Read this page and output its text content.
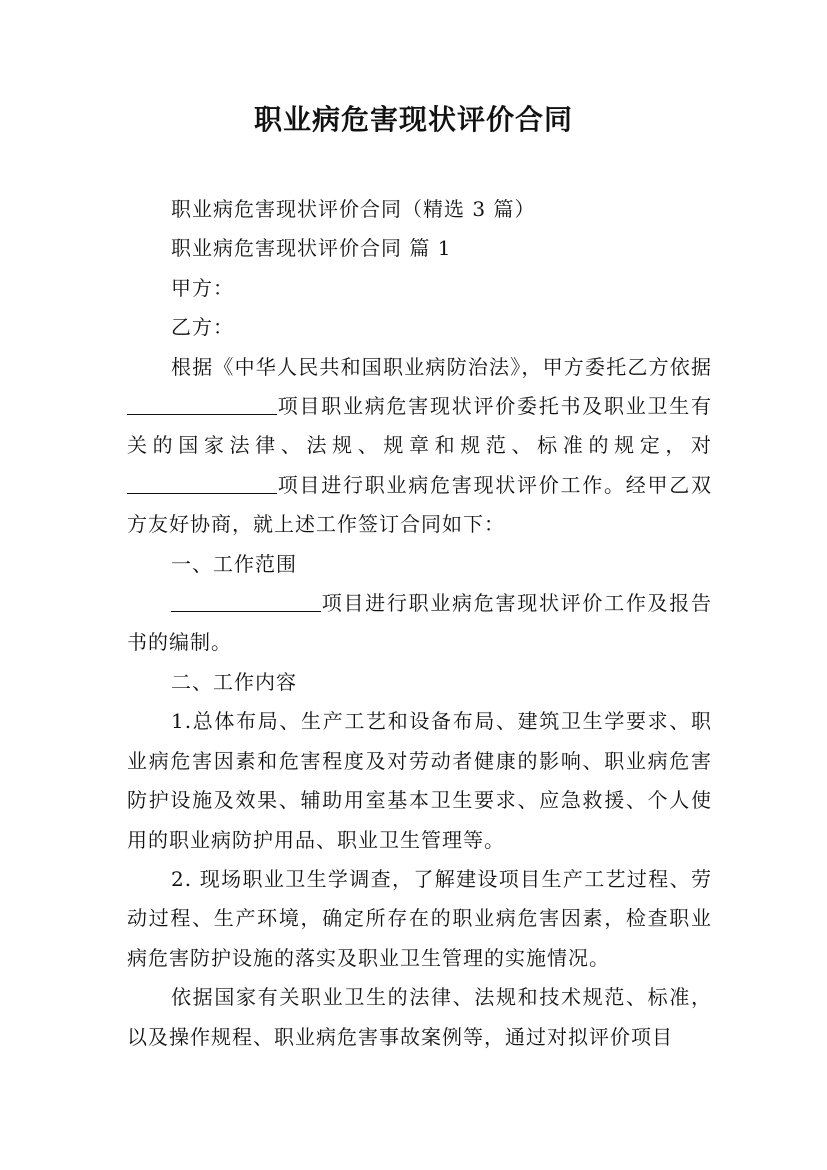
职业病危害现状评价合同

职业病危害现状评价合同（精选 3 篇）

职业病危害现状评价合同 篇 1

甲方：

乙方：

根据《中华人民共和国职业病防治法》，甲方委托乙方依据项目职业病危害现状评价委托书及职业卫生有关的国家法律、法规、规章和规范、标准的规定，对项目进行职业病危害现状评价工作。经甲乙双方友好协商，就上述工作签订合同如下：

一、工作范围

项目进行职业病危害现状评价工作及报告书的编制。

二、工作内容

1.总体布局、生产工艺和设备布局、建筑卫生学要求、职业病危害因素和危害程度及对劳动者健康的影响、职业病危害防护设施及效果、辅助用室基本卫生要求、应急救援、个人使用的职业病防护用品、职业卫生管理等。

2. 现场职业卫生学调查，了解建设项目生产工艺过程、劳动过程、生产环境，确定所存在的职业病危害因素，检查职业病危害防护设施的落实及职业卫生管理的实施情况。

依据国家有关职业卫生的法律、法规和技术规范、标准，以及操作规程、职业病危害事故案例等，通过对拟评价项目
